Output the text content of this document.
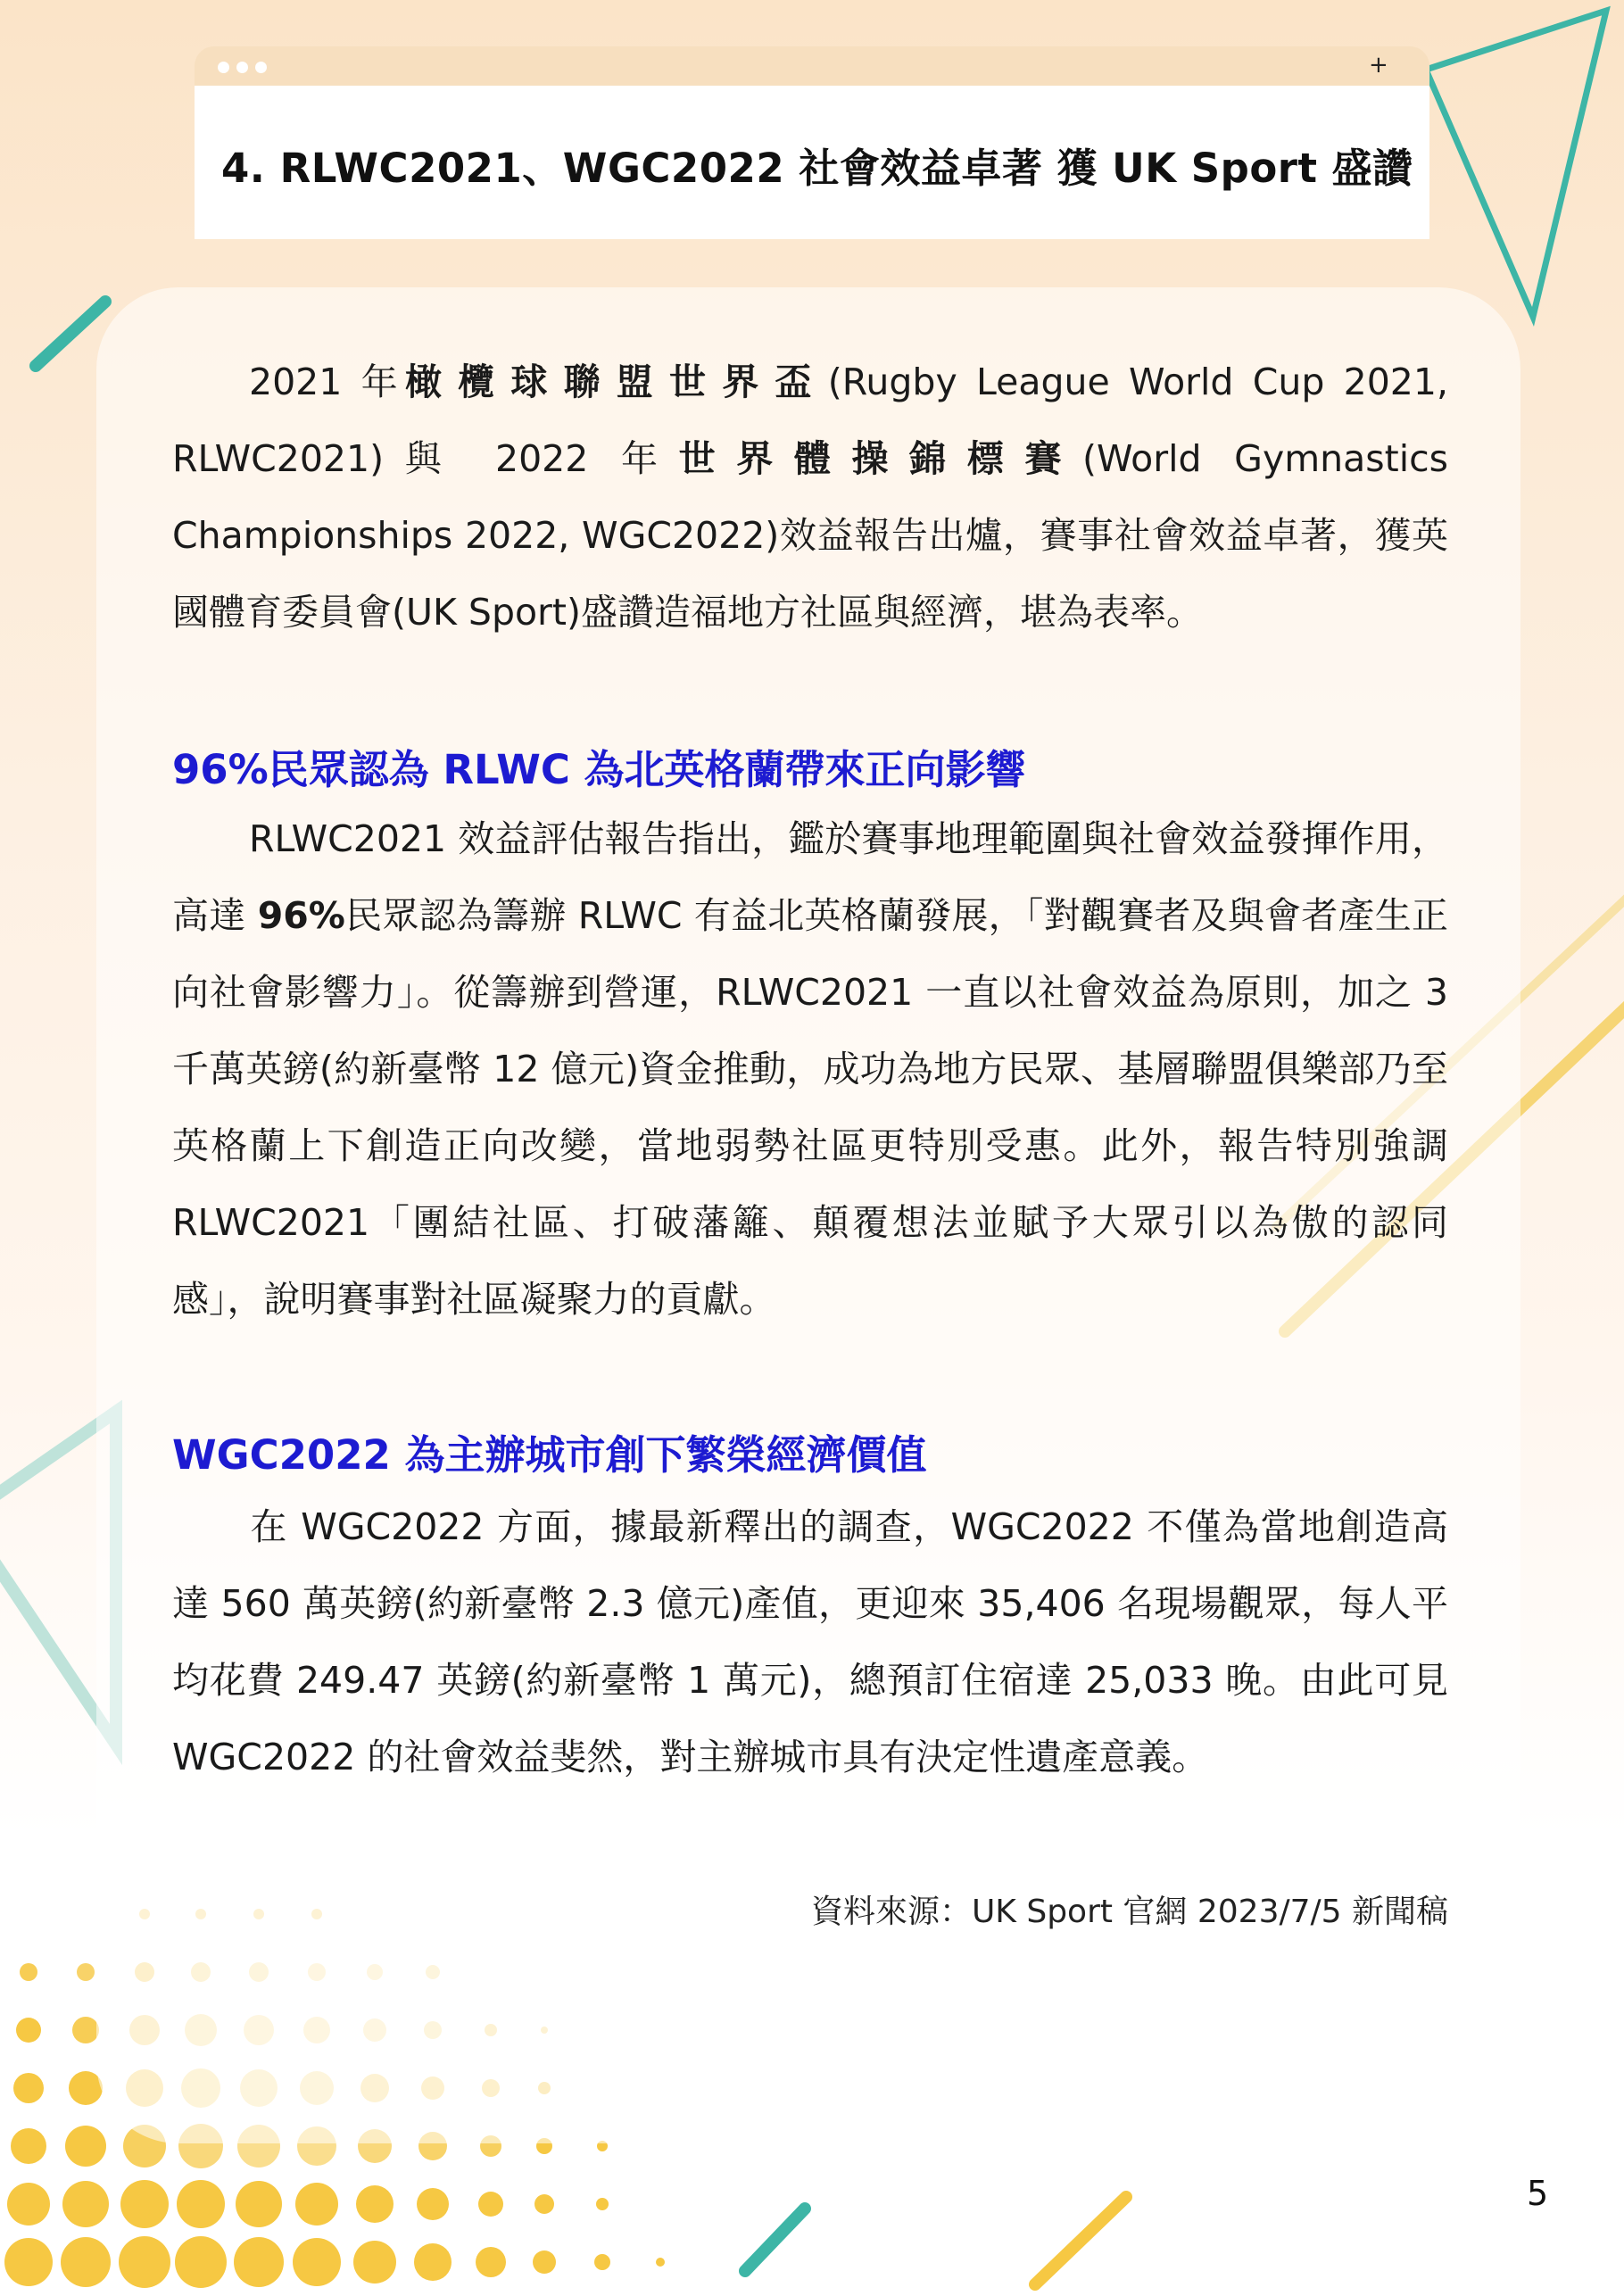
+
4. RLWC2021、WGC2022 社會效益卓著 獲 UK Sport 盛讚
2021 年橄欖球聯盟世界盃(Rugby League World Cup 2021, RLWC2021)與 2022 年世界體操錦標賽(World Gymnastics Championships 2022, WGC2022)效益報告出爐，賽事社會效益卓著，獲英國體育委員會(UK Sport)盛讚造福地方社區與經濟，堪為表率。
96%民眾認為 RLWC 為北英格蘭帶來正向影響
RLWC2021 效益評估報告指出，鑑於賽事地理範圍與社會效益發揮作用，高達 96%民眾認為籌辦 RLWC 有益北英格蘭發展，「對觀賽者及與會者產生正向社會影響力」。從籌辦到營運，RLWC2021 一直以社會效益為原則，加之 3 千萬英鎊(約新臺幣 12 億元)資金推動，成功為地方民眾、基層聯盟俱樂部乃至英格蘭上下創造正向改變，當地弱勢社區更特別受惠。此外，報告特別強調 RLWC2021「團結社區、打破藩籬、顛覆想法並賦予大眾引以為傲的認同感」，說明賽事對社區凝聚力的貢獻。
WGC2022 為主辦城市創下繁榮經濟價值
在 WGC2022 方面，據最新釋出的調查，WGC2022 不僅為當地創造高達 560 萬英鎊(約新臺幣 2.3 億元)產值，更迎來 35,406 名現場觀眾，每人平均花費 249.47 英鎊(約新臺幣 1 萬元)，總預訂住宿達 25,033 晚。由此可見 WGC2022 的社會效益斐然，對主辦城市具有決定性遺產意義。
資料來源：UK Sport 官網 2023/7/5 新聞稿
5
